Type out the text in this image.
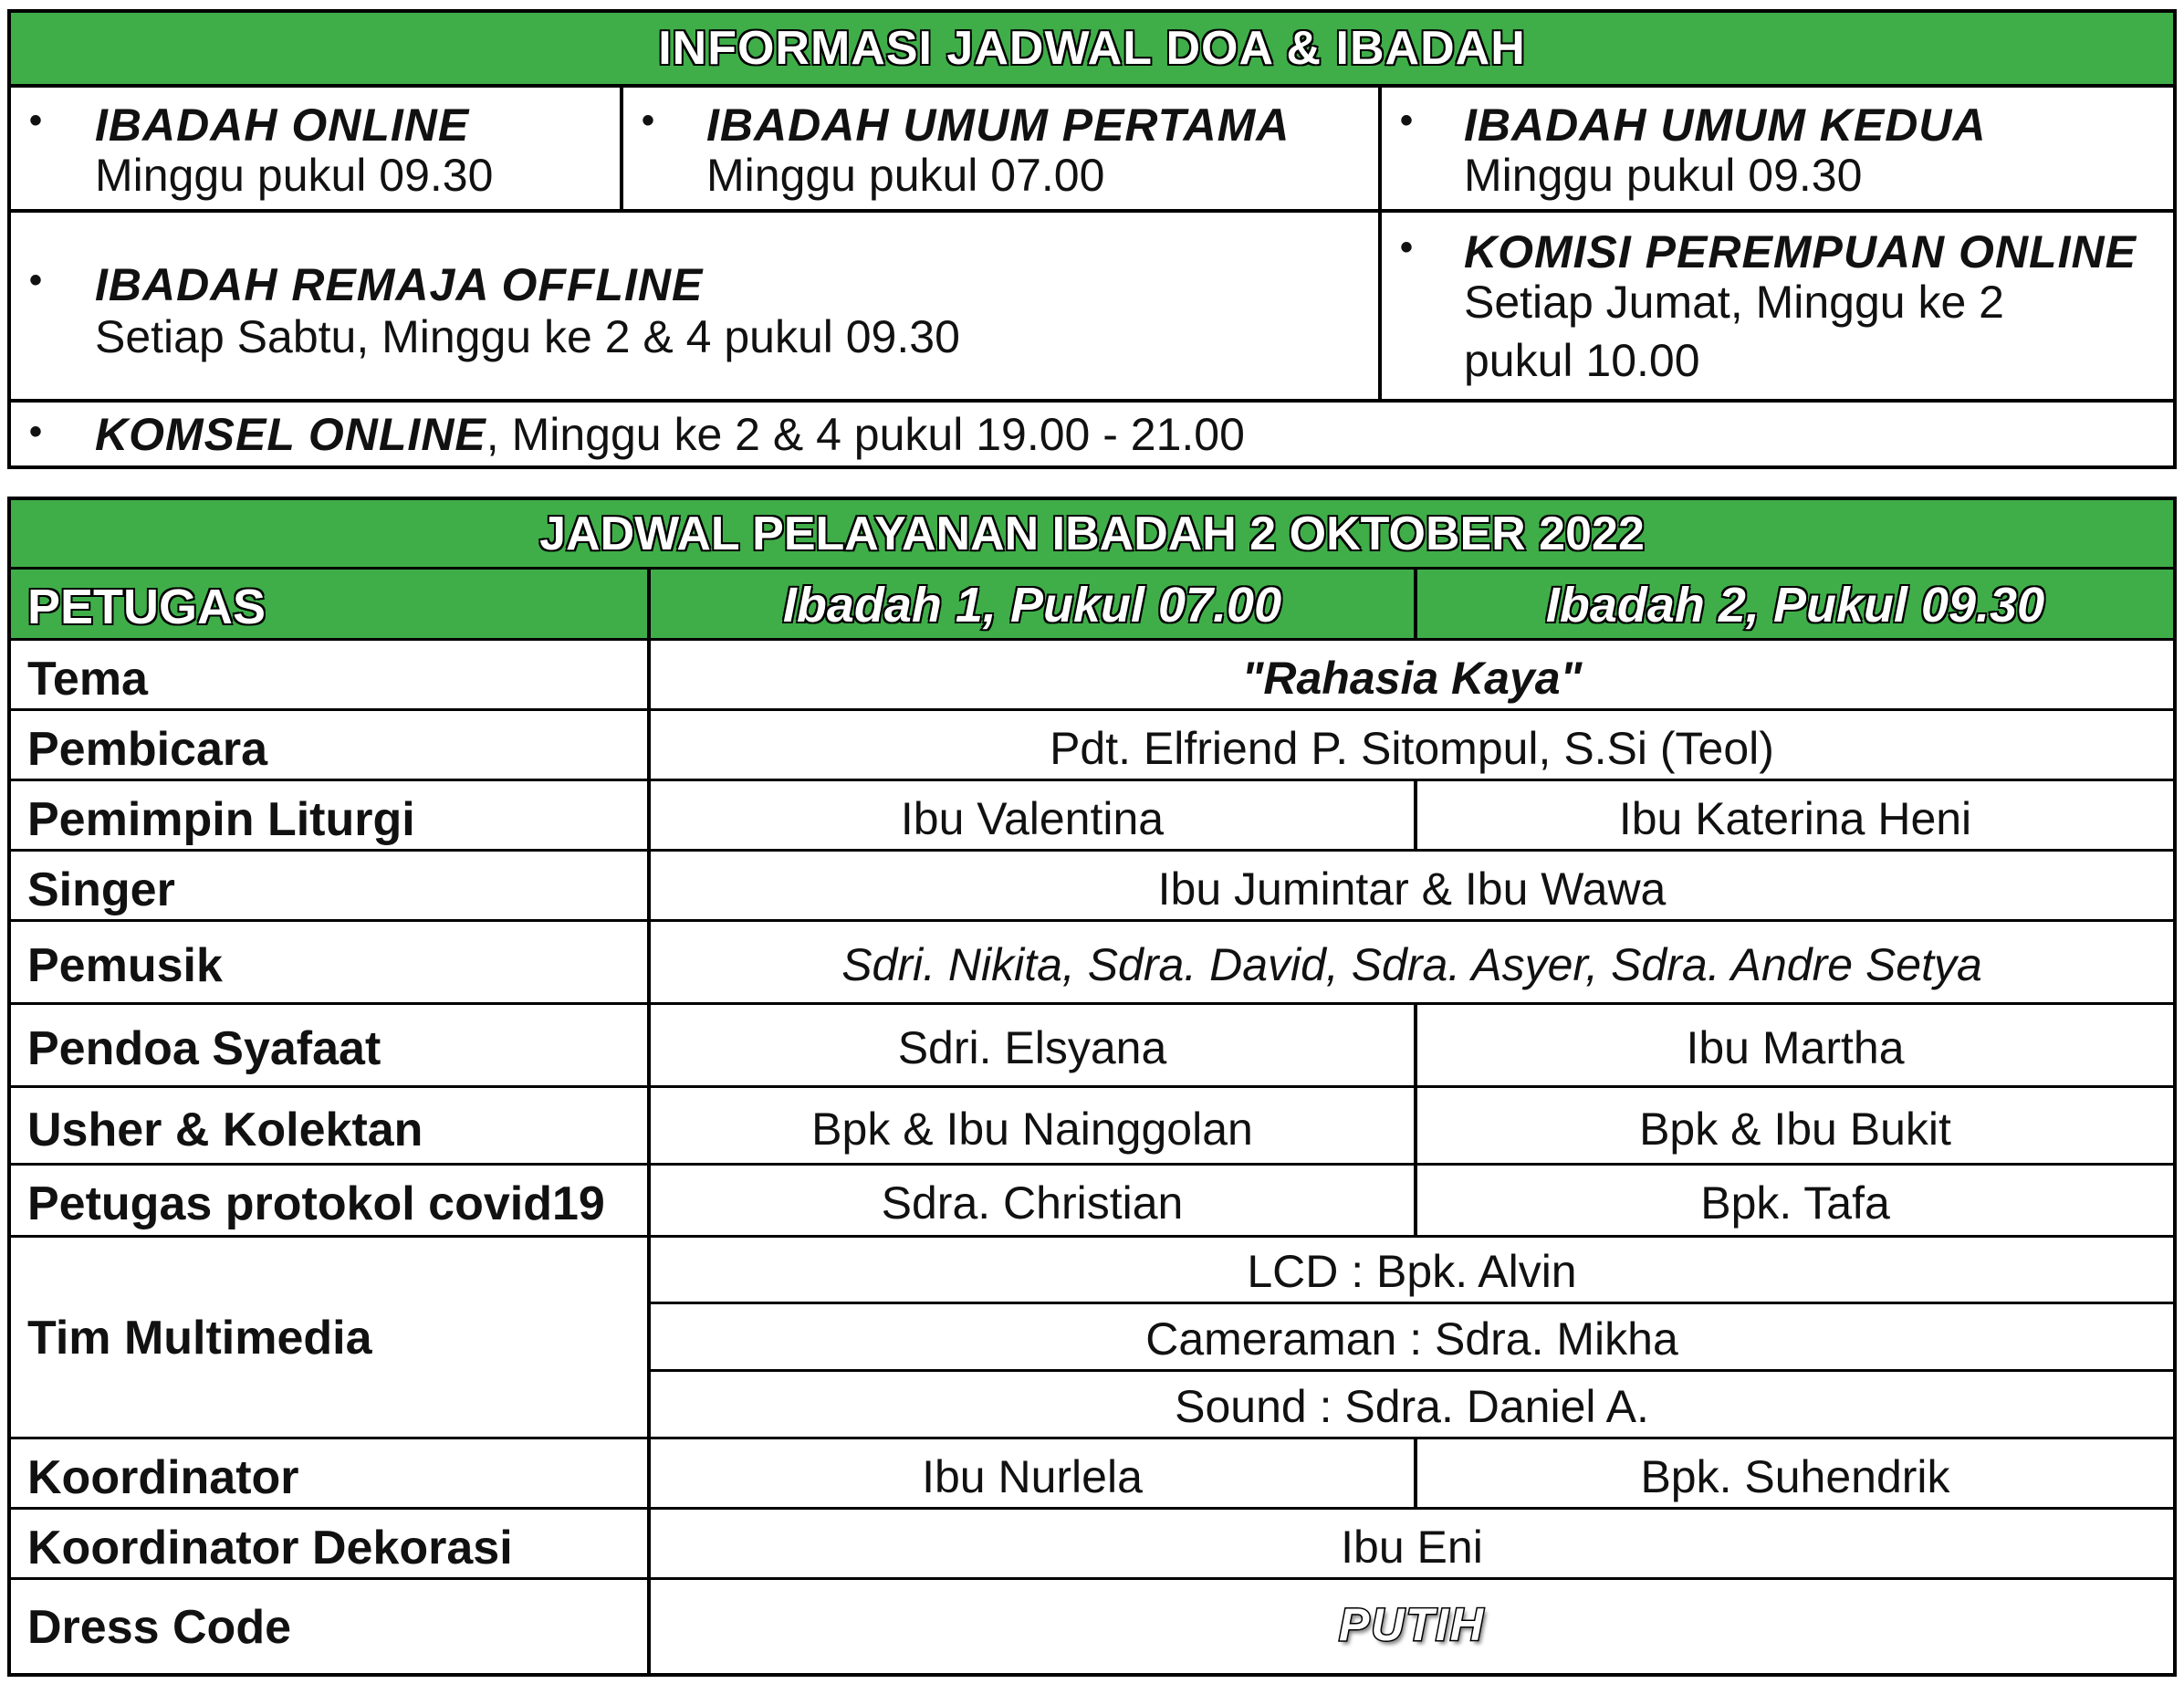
INFORMASI JADWAL DOA & IBADAH
• IBADAH ONLINE
Minggu pukul 09.30
• IBADAH UMUM PERTAMA
Minggu pukul 07.00
• IBADAH UMUM KEDUA
Minggu pukul 09.30
• IBADAH REMAJA OFFLINE
Setiap Sabtu, Minggu ke 2 & 4 pukul 09.30
• KOMISI PEREMPUAN ONLINE
Setiap Jumat, Minggu ke 2
pukul 10.00
• KOMSEL ONLINE, Minggu ke 2 & 4 pukul 19.00 - 21.00
JADWAL PELAYANAN IBADAH 2 OKTOBER 2022
PETUGAS	Ibadah 1, Pukul 07.00	Ibadah 2, Pukul 09.30
Tema	"Rahasia Kaya"
Pembicara	Pdt. Elfriend P. Sitompul, S.Si (Teol)
Pemimpin Liturgi	Ibu Valentina	Ibu Katerina Heni
Singer	Ibu Jumintar & Ibu Wawa
Pemusik	Sdri. Nikita, Sdra. David, Sdra. Asyer, Sdra. Andre Setya
Pendoa Syafaat	Sdri. Elsyana	Ibu Martha
Usher & Kolektan	Bpk & Ibu Nainggolan	Bpk & Ibu Bukit
Petugas protokol covid19	Sdra. Christian	Bpk. Tafa
Tim Multimedia
LCD : Bpk. Alvin
Cameraman : Sdra. Mikha
Sound : Sdra. Daniel A.
Koordinator	Ibu Nurlela	Bpk. Suhendrik
Koordinator Dekorasi	Ibu Eni
Dress Code	PUTIH
